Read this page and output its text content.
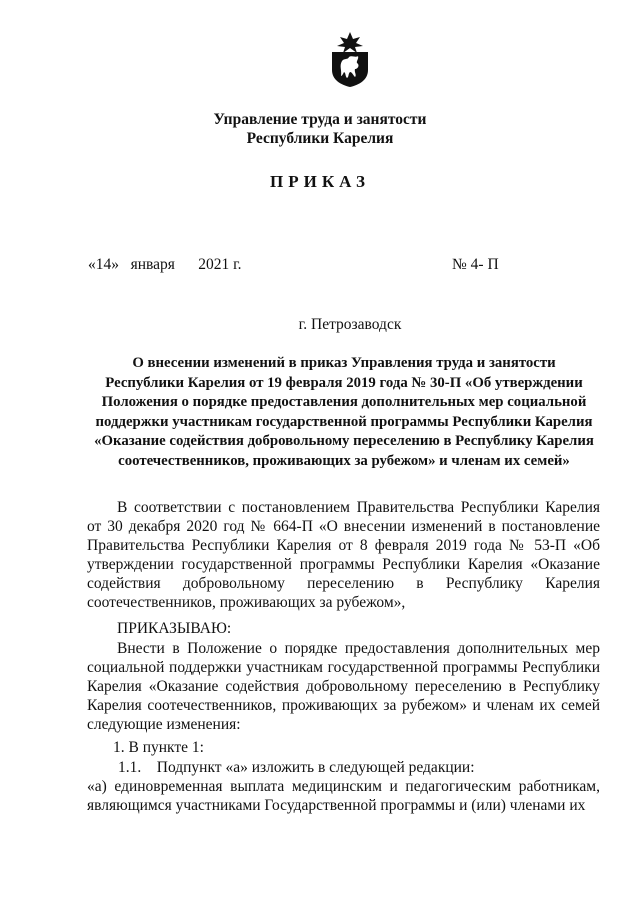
Управление труда и занятости
Республики Карелия
ПРИКАЗ
«14» января 2021 г.	№ 4- П
г. Петрозаводск
О внесении изменений в приказ Управления труда и занятости
Республики Карелия от 19 февраля 2019 года № 30-П «Об утверждении
Положения о порядке предоставления дополнительных мер социальной
поддержки участникам государственной программы Республики Карелия
«Оказание содействия добровольному переселению в Республику Карелия
соотечественников, проживающих за рубежом» и членам их семей»
В соответствии с постановлением Правительства Республики Карелия от 30 декабря 2020 год № 664-П «О внесении изменений в постановление Правительства Республики Карелия от 8 февраля 2019 года № 53-П «Об утверждении государственной программы Республики Карелия «Оказание содействия добровольному переселению в Республику Карелия соотечественников, проживающих за рубежом»,
ПРИКАЗЫВАЮ:
Внести в Положение о порядке предоставления дополнительных мер социальной поддержки участникам государственной программы Республики Карелия «Оказание содействия добровольному переселению в Республику Карелия соотечественников, проживающих за рубежом» и членам их семей следующие изменения:
1. В пункте 1:
1.1.    Подпункт «а» изложить в следующей редакции:
«а) единовременная выплата медицинским и педагогическим работникам, являющимся участниками Государственной программы и (или) членами их
